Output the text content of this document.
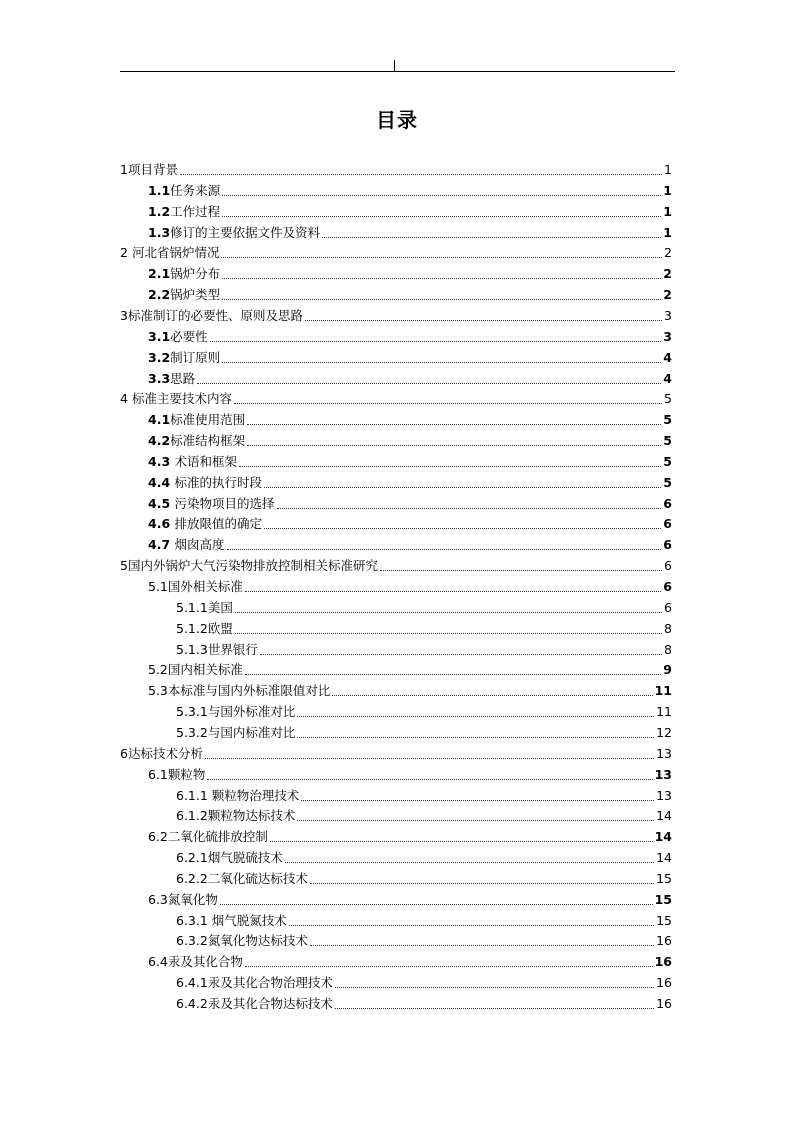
目录
1 项目背景	1
1.1 任务来源	1
1.2 工作过程	1
1.3 修订的主要依据文件及资料	1
2 河北省锅炉情况	2
2.1 锅炉分布	2
2.2 锅炉类型	2
3 标准制订的必要性、原则及思路	3
3.1 必要性	3
3.2 制订原则	4
3.3 思路	4
4 标准主要技术内容	5
4.1 标准使用范围	5
4.2 标准结构框架	5
4.3 术语和框架	5
4.4 标准的执行时段	5
4.5 污染物项目的选择	6
4.6 排放限值的确定	6
4.7 烟囱高度	6
5 国内外锅炉大气污染物排放控制相关标准研究	6
5.1 国外相关标准	6
5.1.1 美国	6
5.1.2 欧盟	8
5.1.3 世界银行	8
5.2 国内相关标准	9
5.3 本标准与国内外标准限值对比	11
5.3.1 与国外标准对比	11
5.3.2 与国内标准对比	12
6 达标技术分析	13
6.1 颗粒物	13
6.1.1 颗粒物治理技术	13
6.1.2 颗粒物达标技术	14
6.2 二氧化硫排放控制	14
6.2.1 烟气脱硫技术	14
6.2.2 二氧化硫达标技术	15
6.3 氮氧化物	15
6.3.1 烟气脱氮技术	15
6.3.2 氮氧化物达标技术	16
6.4 汞及其化合物	16
6.4.1 汞及其化合物治理技术	16
6.4.2 汞及其化合物达标技术	16
